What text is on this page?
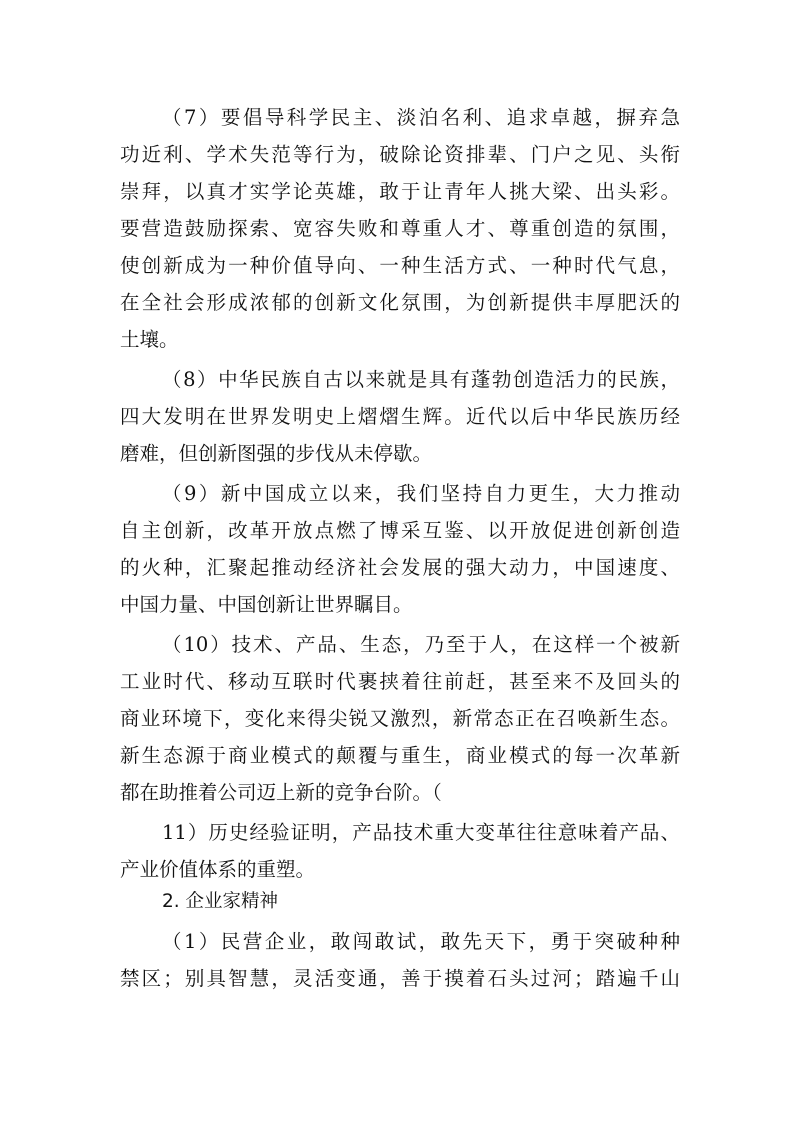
（7）要倡导科学民主、淡泊名利、追求卓越，摒弃急
功近利、学术失范等行为，破除论资排辈、门户之见、头衔
崇拜，以真才实学论英雄，敢于让青年人挑大梁、出头彩。
要营造鼓励探索、宽容失败和尊重人才、尊重创造的氛围，
使创新成为一种价值导向、一种生活方式、一种时代气息，
在全社会形成浓郁的创新文化氛围，为创新提供丰厚肥沃的
土壤。
（8）中华民族自古以来就是具有蓬勃创造活力的民族，
四大发明在世界发明史上熠熠生辉。近代以后中华民族历经
磨难，但创新图强的步伐从未停歇。
（9）新中国成立以来，我们坚持自力更生，大力推动
自主创新，改革开放点燃了博采互鉴、以开放促进创新创造
的火种，汇聚起推动经济社会发展的强大动力，中国速度、
中国力量、中国创新让世界瞩目。
（10）技术、产品、生态，乃至于人，在这样一个被新
工业时代、移动互联时代裹挟着往前赶，甚至来不及回头的
商业环境下，变化来得尖锐又激烈，新常态正在召唤新生态。
新生态源于商业模式的颠覆与重生，商业模式的每一次革新
都在助推着公司迈上新的竞争台阶。（
11）历史经验证明，产品技术重大变革往往意味着产品、
产业价值体系的重塑。
2. 企业家精神
（1）民营企业，敢闯敢试，敢先天下，勇于突破种种
禁区；别具智慧，灵活变通，善于摸着石头过河；踏遍千山
